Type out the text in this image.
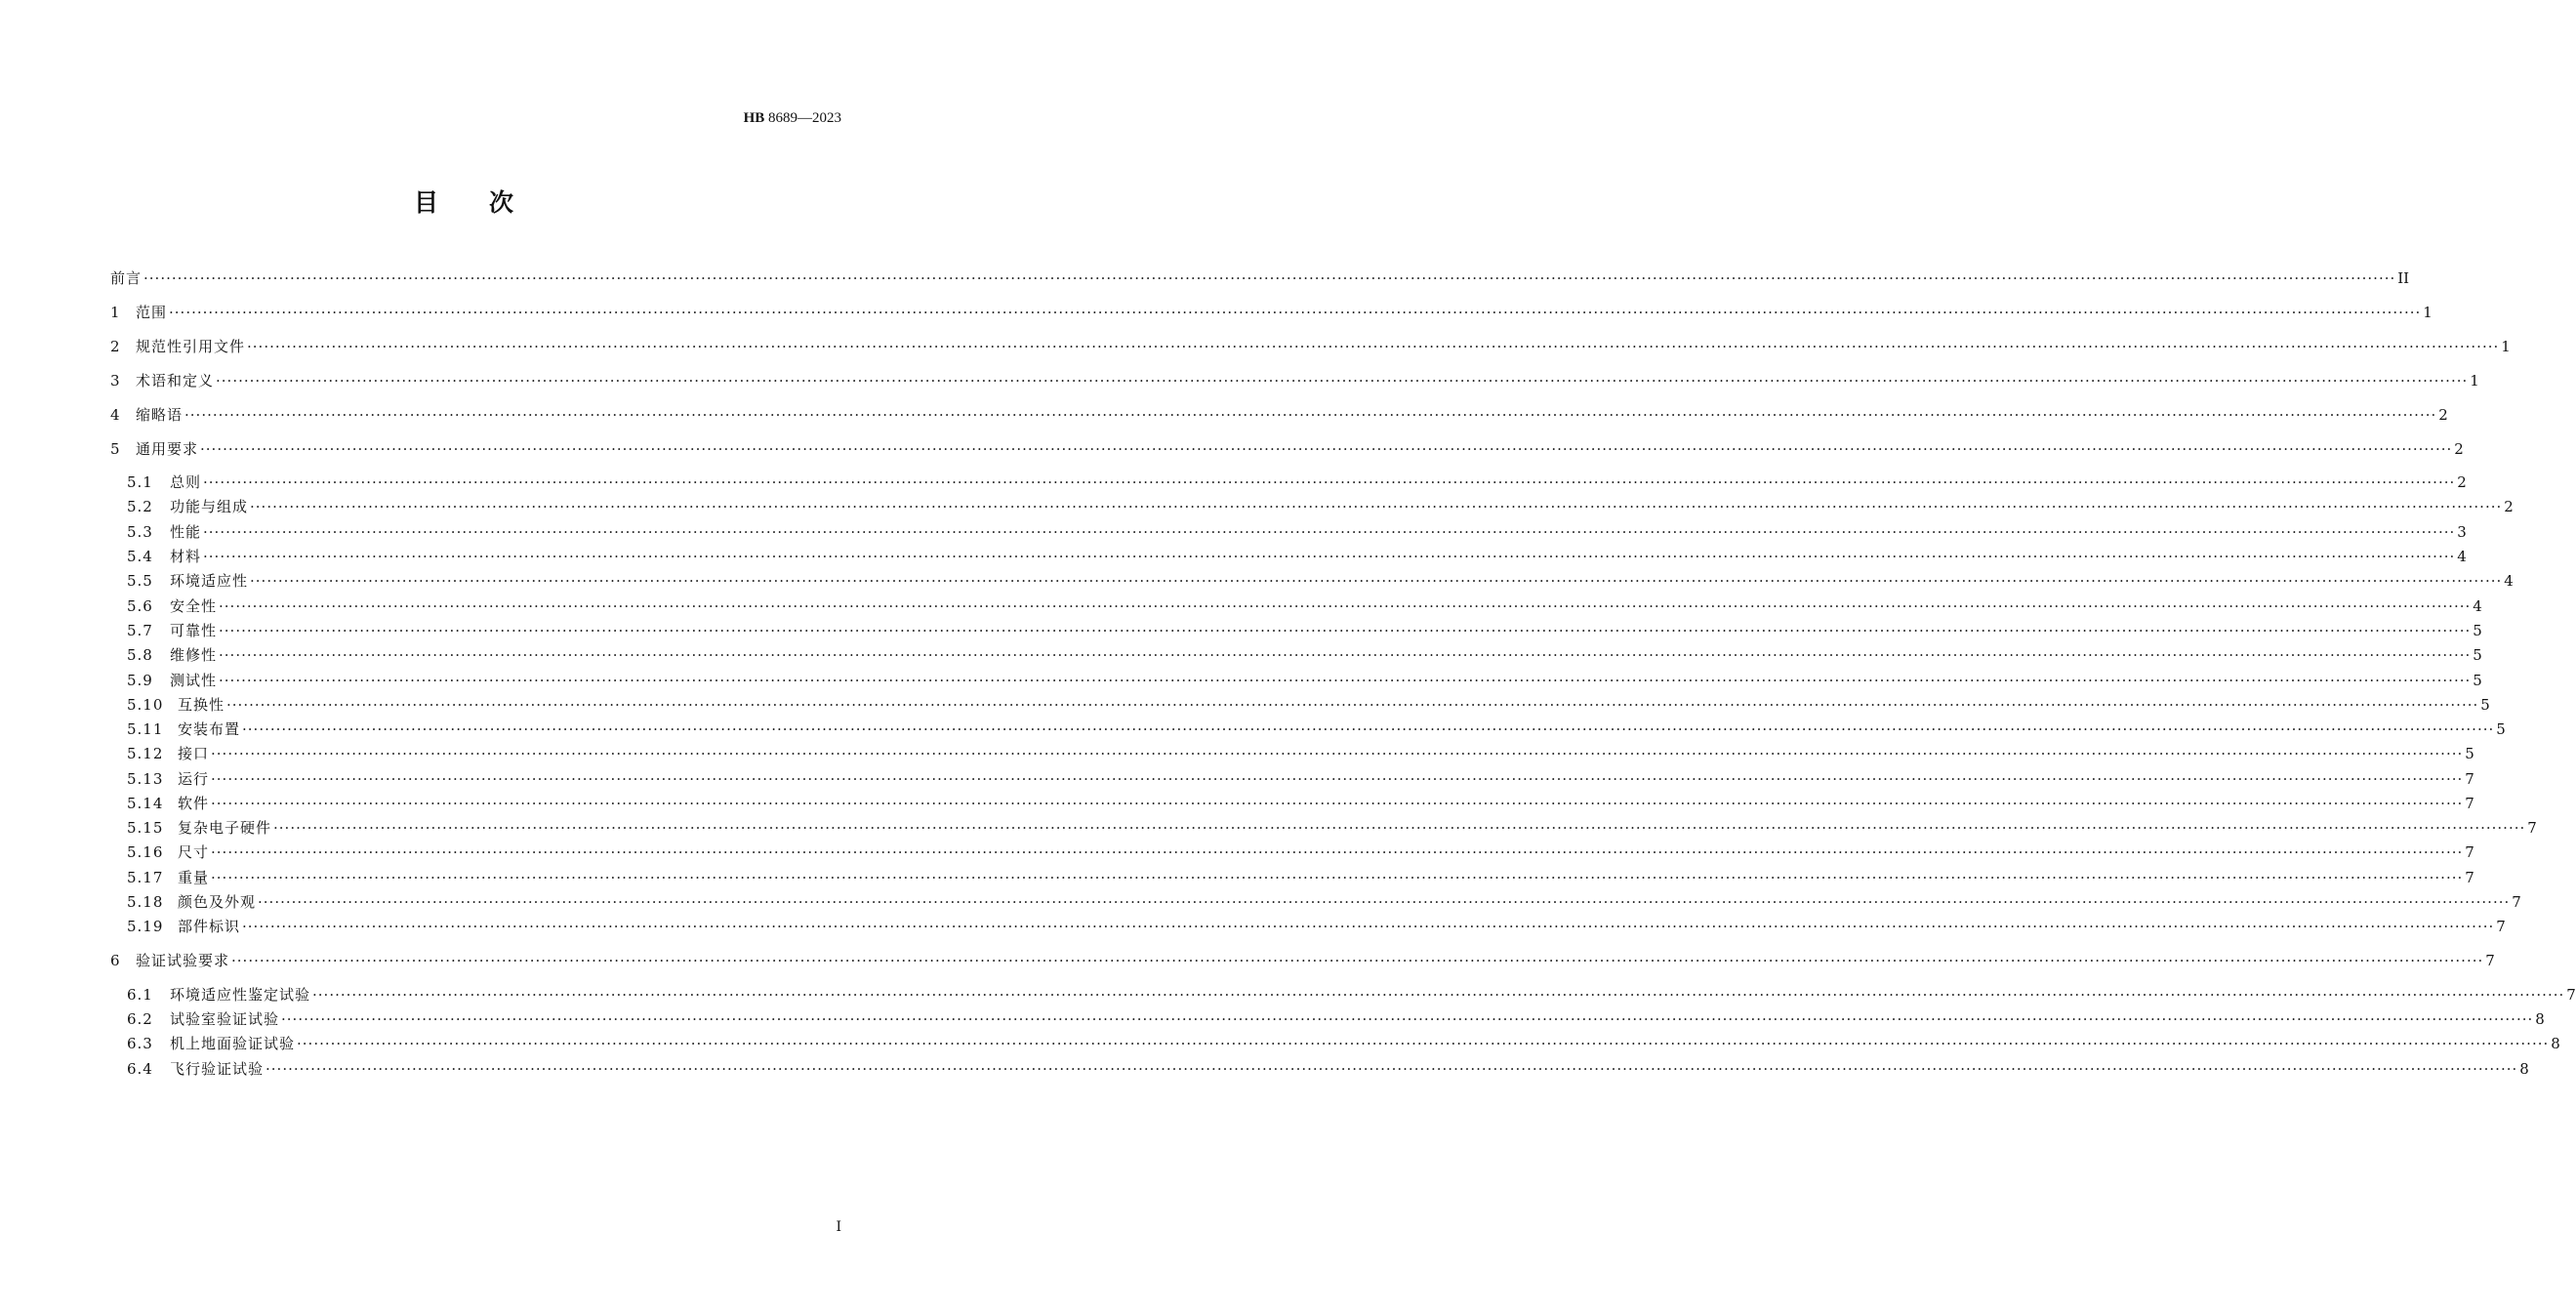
HB 8689—2023
目次
前言 ················································································································································································································································································································································································································ II
1	范围 ················································································································································································································································································································································································································ 1
2	规范性引用文件 ················································································································································································································································································································································································································ 1
3	术语和定义 ················································································································································································································································································································································································································ 1
4	缩略语 ················································································································································································································································································································································································································ 2
5	通用要求 ················································································································································································································································································································································································································ 2
5.1	总则 ················································································································································································································································································································································································································ 2
5.2	功能与组成 ················································································································································································································································································································································································································ 2
5.3	性能 ················································································································································································································································································································································································································ 3
5.4	材料 ················································································································································································································································································································································································································ 4
5.5	环境适应性 ················································································································································································································································································································································································································ 4
5.6	安全性 ················································································································································································································································································································································································································ 4
5.7	可靠性 ················································································································································································································································································································································································································ 5
5.8	维修性 ················································································································································································································································································································································································································ 5
5.9	测试性 ················································································································································································································································································································································································································ 5
5.10 互换性 ················································································································································································································································································································································································································ 5
5.11 安装布置 ················································································································································································································································································································································································································ 5
5.12 接口 ················································································································································································································································································································································································································ 5
5.13 运行 ················································································································································································································································································································································································································ 7
5.14 软件 ················································································································································································································································································································································································································ 7
5.15 复杂电子硬件 ················································································································································································································································································································································································································ 7
5.16 尺寸 ················································································································································································································································································································································································································ 7
5.17 重量 ················································································································································································································································································································································································································ 7
5.18 颜色及外观 ················································································································································································································································································································································································································ 7
5.19 部件标识 ················································································································································································································································································································································································································ 7
6	验证试验要求 ················································································································································································································································································································································································································ 7
6.1	环境适应性鉴定试验 ················································································································································································································································································································································································································ 7
6.2	试验室验证试验 ················································································································································································································································································································································································································ 8
6.3	机上地面验证试验 ················································································································································································································································································································································································································ 8
6.4	飞行验证试验 ················································································································································································································································································································································································································ 8
I
